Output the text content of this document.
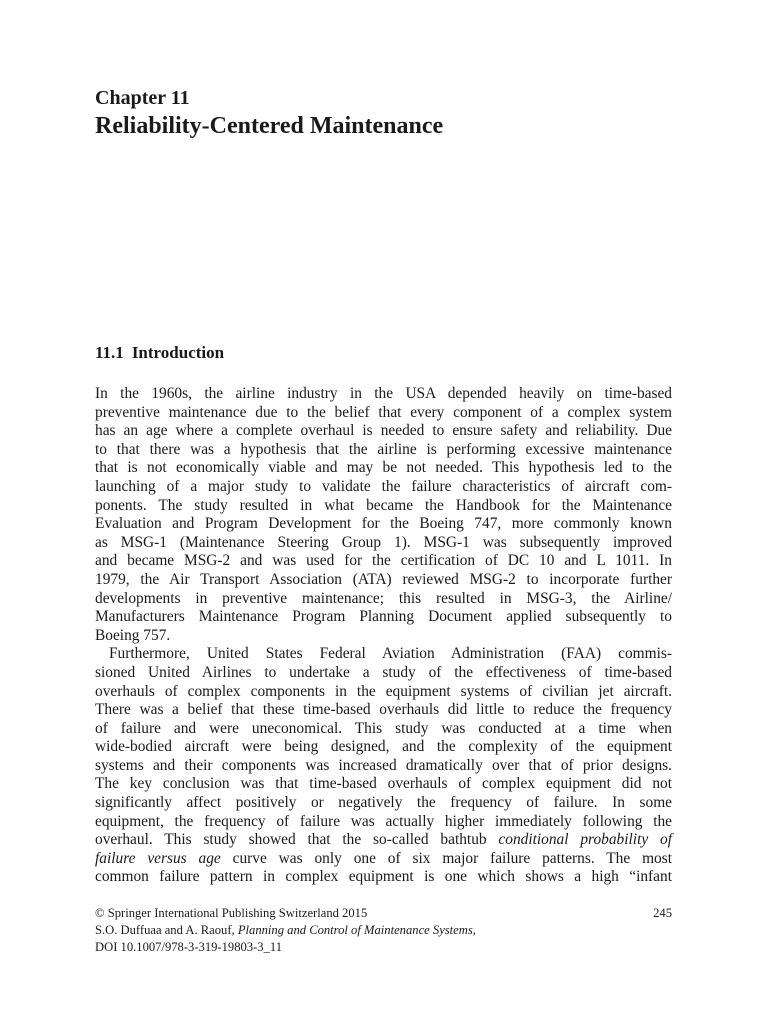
Chapter 11
Reliability-Centered Maintenance
11.1 Introduction
In the 1960s, the airline industry in the USA depended heavily on time-based
preventive maintenance due to the belief that every component of a complex system
has an age where a complete overhaul is needed to ensure safety and reliability. Due
to that there was a hypothesis that the airline is performing excessive maintenance
that is not economically viable and may be not needed. This hypothesis led to the
launching of a major study to validate the failure characteristics of aircraft com-
ponents. The study resulted in what became the Handbook for the Maintenance
Evaluation and Program Development for the Boeing 747, more commonly known
as MSG-1 (Maintenance Steering Group 1). MSG-1 was subsequently improved
and became MSG-2 and was used for the certification of DC 10 and L 1011. In
1979, the Air Transport Association (ATA) reviewed MSG-2 to incorporate further
developments in preventive maintenance; this resulted in MSG-3, the Airline/
Manufacturers Maintenance Program Planning Document applied subsequently to
Boeing 757.
Furthermore, United States Federal Aviation Administration (FAA) commis-
sioned United Airlines to undertake a study of the effectiveness of time-based
overhauls of complex components in the equipment systems of civilian jet aircraft.
There was a belief that these time-based overhauls did little to reduce the frequency
of failure and were uneconomical. This study was conducted at a time when
wide-bodied aircraft were being designed, and the complexity of the equipment
systems and their components was increased dramatically over that of prior designs.
The key conclusion was that time-based overhauls of complex equipment did not
significantly affect positively or negatively the frequency of failure. In some
equipment, the frequency of failure was actually higher immediately following the
overhaul. This study showed that the so-called bathtub conditional probability of
failure versus age curve was only one of six major failure patterns. The most
common failure pattern in complex equipment is one which shows a high “infant
© Springer International Publishing Switzerland 2015
S.O. Duffuaa and A. Raouf, Planning and Control of Maintenance Systems,
DOI 10.1007/978-3-319-19803-3_11
245
